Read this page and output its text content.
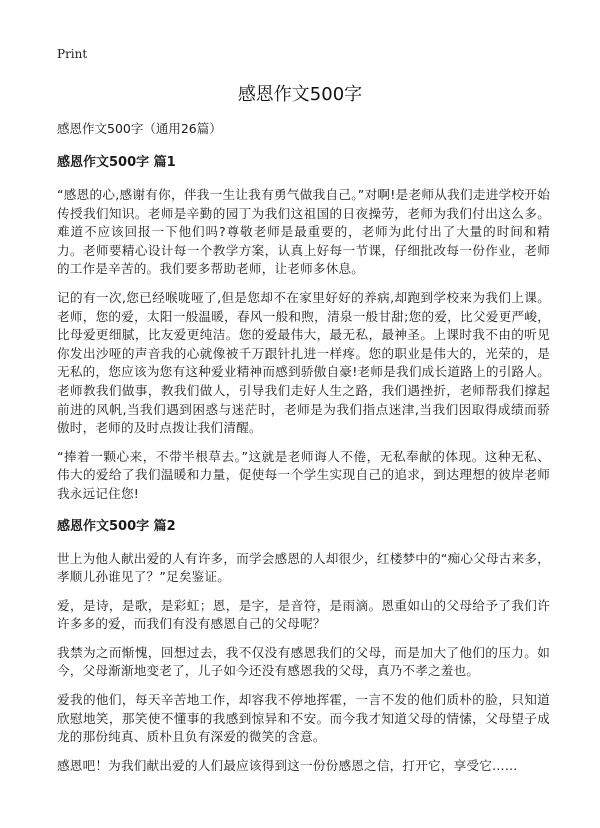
Print
感恩作文500字

感恩作文500字（通用26篇）

感恩作文500字 篇1

“感恩的心,感谢有你，伴我一生让我有勇气做我自己。”对啊!是老师从我们走进学校开始传授我们知识。老师是辛勤的园丁为我们这祖国的日夜操劳，老师为我们付出这么多。难道不应该回报一下他们吗?尊敬老师是最重要的，老师为此付出了大量的时间和精力。老师要精心设计每一个教学方案，认真上好每一节课，仔细批改每一份作业，老师的工作是辛苦的。我们要多帮助老师，让老师多休息。

记的有一次,您已经喉咙哑了,但是您却不在家里好好的养病,却跑到学校来为我们上课。老师，您的爱，太阳一般温暖，春风一般和煦，清泉一般甘甜;您的爱，比父爱更严峻，比母爱更细腻，比友爱更纯洁。您的爱最伟大，最无私，最神圣。上课时我不由的听见你发出沙哑的声音我的心就像被千万跟针扎进一样疼。您的职业是伟大的，光荣的，是无私的，您应该为您有这种爱业精神而感到骄傲自豪!老师是我们成长道路上的引路人。老师教我们做事，教我们做人，引导我们走好人生之路，我们遇挫折，老师帮我们撑起前进的风帆,当我们遇到困惑与迷茫时，老师是为我们指点迷津,当我们因取得成绩而骄傲时，老师的及时点拨让我们清醒。

“捧着一颗心来，不带半根草去。”这就是老师诲人不倦，无私奉献的体现。这种无私、伟大的爱给了我们温暖和力量，促使每一个学生实现自己的追求，到达理想的彼岸老师我永远记住您!

感恩作文500字 篇2

世上为他人献出爱的人有许多，而学会感恩的人却很少，红楼梦中的“痴心父母古来多，孝顺儿孙谁见了？”足矣鉴证。

爱，是诗，是歌，是彩虹；恩，是字，是音符，是雨滴。恩重如山的父母给予了我们许许多多的爱，而我们有没有感恩自己的父母呢？

我禁为之而惭愧，回想过去，我不仅没有感恩我们的父母，而是加大了他们的压力。如今，父母渐渐地变老了，儿子如今还没有感恩我的父母，真乃不孝之羞也。

爱我的他们，每天辛苦地工作，却容我不停地挥霍，一言不发的他们质朴的脸，只知道欣慰地笑，那笑使不懂事的我感到惊异和不安。而今我才知道父母的情愫，父母望子成龙的那份纯真、质朴且负有深爱的微笑的含意。

感恩吧！为我们献出爱的人们最应该得到这一份份感恩之信，打开它，享受它……
